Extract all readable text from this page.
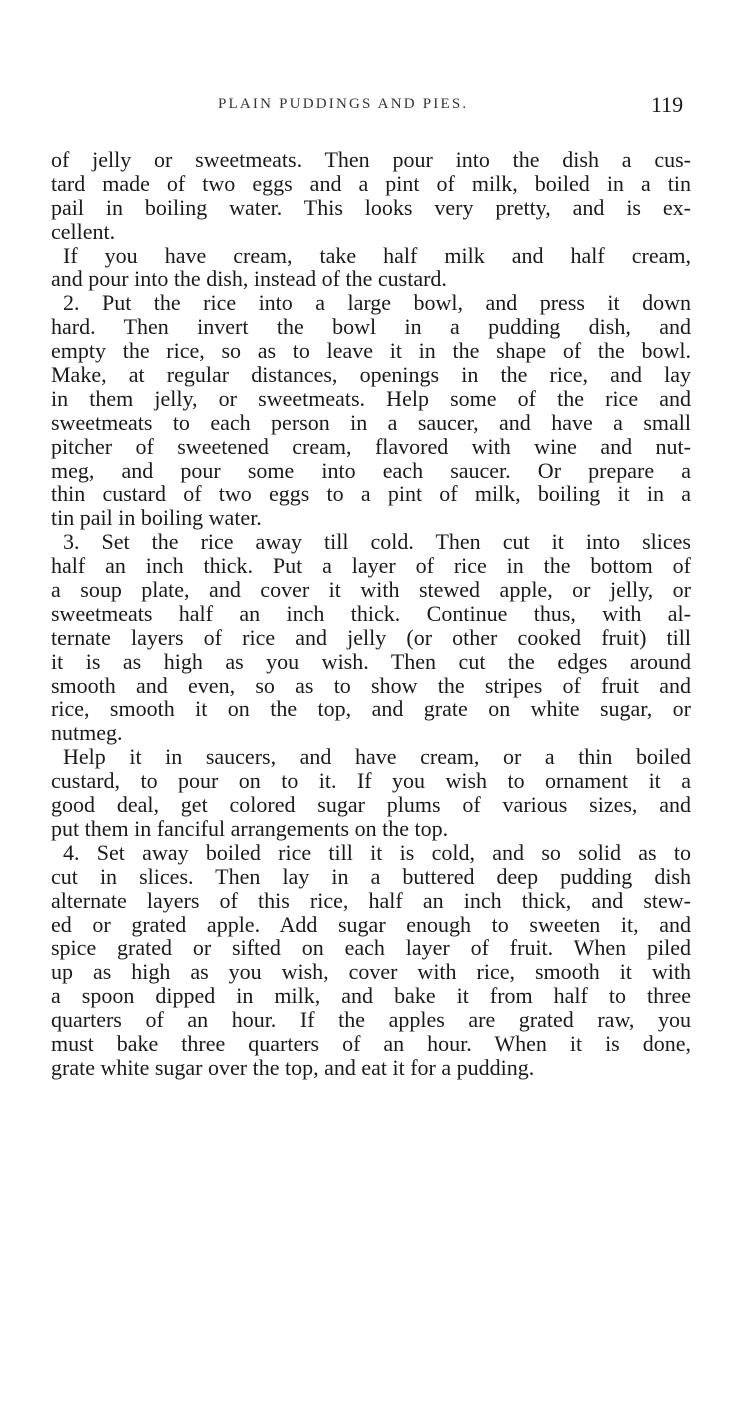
PLAIN PUDDINGS AND PIES.	119
of jelly or sweetmeats. Then pour into the dish a cus-
tard made of two eggs and a pint of milk, boiled in a tin
pail in boiling water. This looks very pretty, and is ex-
cellent.
If you have cream, take half milk and half cream,
and pour into the dish, instead of the custard.
2. Put the rice into a large bowl, and press it down
hard. Then invert the bowl in a pudding dish, and
empty the rice, so as to leave it in the shape of the bowl.
Make, at regular distances, openings in the rice, and lay
in them jelly, or sweetmeats. Help some of the rice and
sweetmeats to each person in a saucer, and have a small
pitcher of sweetened cream, flavored with wine and nut-
meg, and pour some into each saucer. Or prepare a
thin custard of two eggs to a pint of milk, boiling it in a
tin pail in boiling water.
3. Set the rice away till cold. Then cut it into slices
half an inch thick. Put a layer of rice in the bottom of
a soup plate, and cover it with stewed apple, or jelly, or
sweetmeats half an inch thick. Continue thus, with al-
ternate layers of rice and jelly (or other cooked fruit) till
it is as high as you wish. Then cut the edges around
smooth and even, so as to show the stripes of fruit and
rice, smooth it on the top, and grate on white sugar, or
nutmeg.
Help it in saucers, and have cream, or a thin boiled
custard, to pour on to it. If you wish to ornament it a
good deal, get colored sugar plums of various sizes, and
put them in fanciful arrangements on the top.
4. Set away boiled rice till it is cold, and so solid as to
cut in slices. Then lay in a buttered deep pudding dish
alternate layers of this rice, half an inch thick, and stew-
ed or grated apple. Add sugar enough to sweeten it, and
spice grated or sifted on each layer of fruit. When piled
up as high as you wish, cover with rice, smooth it with
a spoon dipped in milk, and bake it from half to three
quarters of an hour. If the apples are grated raw, you
must bake three quarters of an hour. When it is done,
grate white sugar over the top, and eat it for a pudding.
